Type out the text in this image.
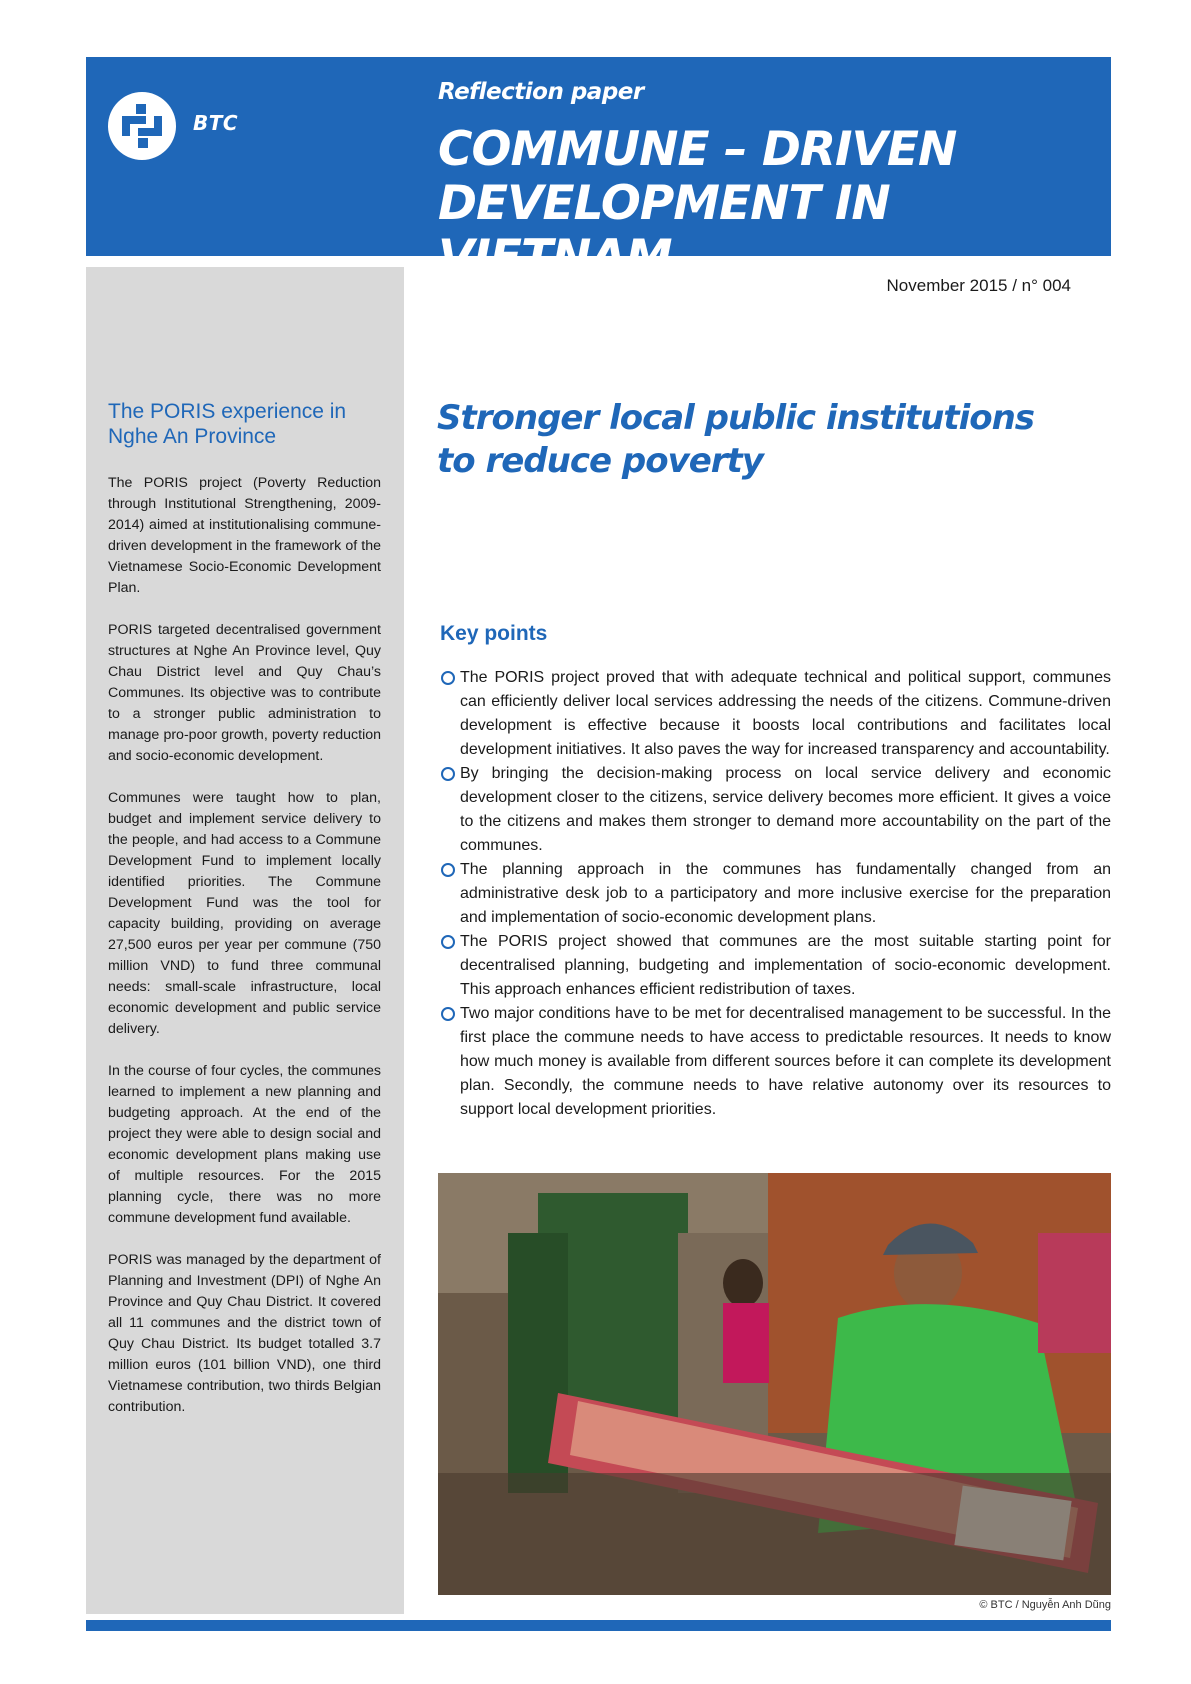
BTC
Reflection paper
COMMUNE – DRIVEN DEVELOPMENT IN VIETNAM
November 2015 / n° 004
The PORIS experience in Nghe An Province

The PORIS project (Poverty Reduction through Institutional Strengthening, 2009-2014) aimed at institutionalising commune-driven development in the framework of the Vietnamese Socio-Economic Development Plan.

PORIS targeted decentralised government structures at Nghe An Province level, Quy Chau District level and Quy Chau’s Communes. Its objective was to contribute to a stronger public administration to manage pro-poor growth, poverty reduction and socio-economic development.

Communes were taught how to plan, budget and implement service delivery to the people, and had access to a Commune Development Fund to implement locally identified priorities. The Commune Development Fund was the tool for capacity building, providing on average 27,500 euros per year per commune (750 million VND) to fund three communal needs: small-scale infrastructure, local economic development and public service delivery.

In the course of four cycles, the communes learned to implement a new planning and budgeting approach. At the end of the project they were able to design social and economic development plans making use of multiple resources. For the 2015 planning cycle, there was no more commune development fund available.

PORIS was managed by the department of Planning and Investment (DPI) of Nghe An Province and Quy Chau District. It covered all 11 communes and the district town of Quy Chau District. Its budget totalled 3.7 million euros (101 billion VND), one third Vietnamese contribution, two thirds Belgian contribution.

Stronger local public institutions to reduce poverty
Key points
The PORIS project proved that with adequate technical and political support, communes can efficiently deliver local services addressing the needs of the citizens. Commune-driven development is effective because it boosts local contributions and facilitates local development initiatives. It also paves the way for increased transparency and accountability.
By bringing the decision-making process on local service delivery and economic development closer to the citizens, service delivery becomes more efficient. It gives a voice to the citizens and makes them stronger to demand more accountability on the part of the communes.
The planning approach in the communes has fundamentally changed from an administrative desk job to a participatory and more inclusive exercise for the preparation and implementation of socio-economic development plans.
The PORIS project showed that communes are the most suitable starting point for decentralised planning, budgeting and implementation of socio-economic development. This approach enhances efficient redistribution of taxes.
Two major conditions have to be met for decentralised management to be successful. In the first place the commune needs to have access to predictable resources. It needs to know how much money is available from different sources before it can complete its development plan. Secondly, the commune needs to have relative autonomy over its resources to support local development priorities.
© BTC / Nguyễn Anh Dũng
